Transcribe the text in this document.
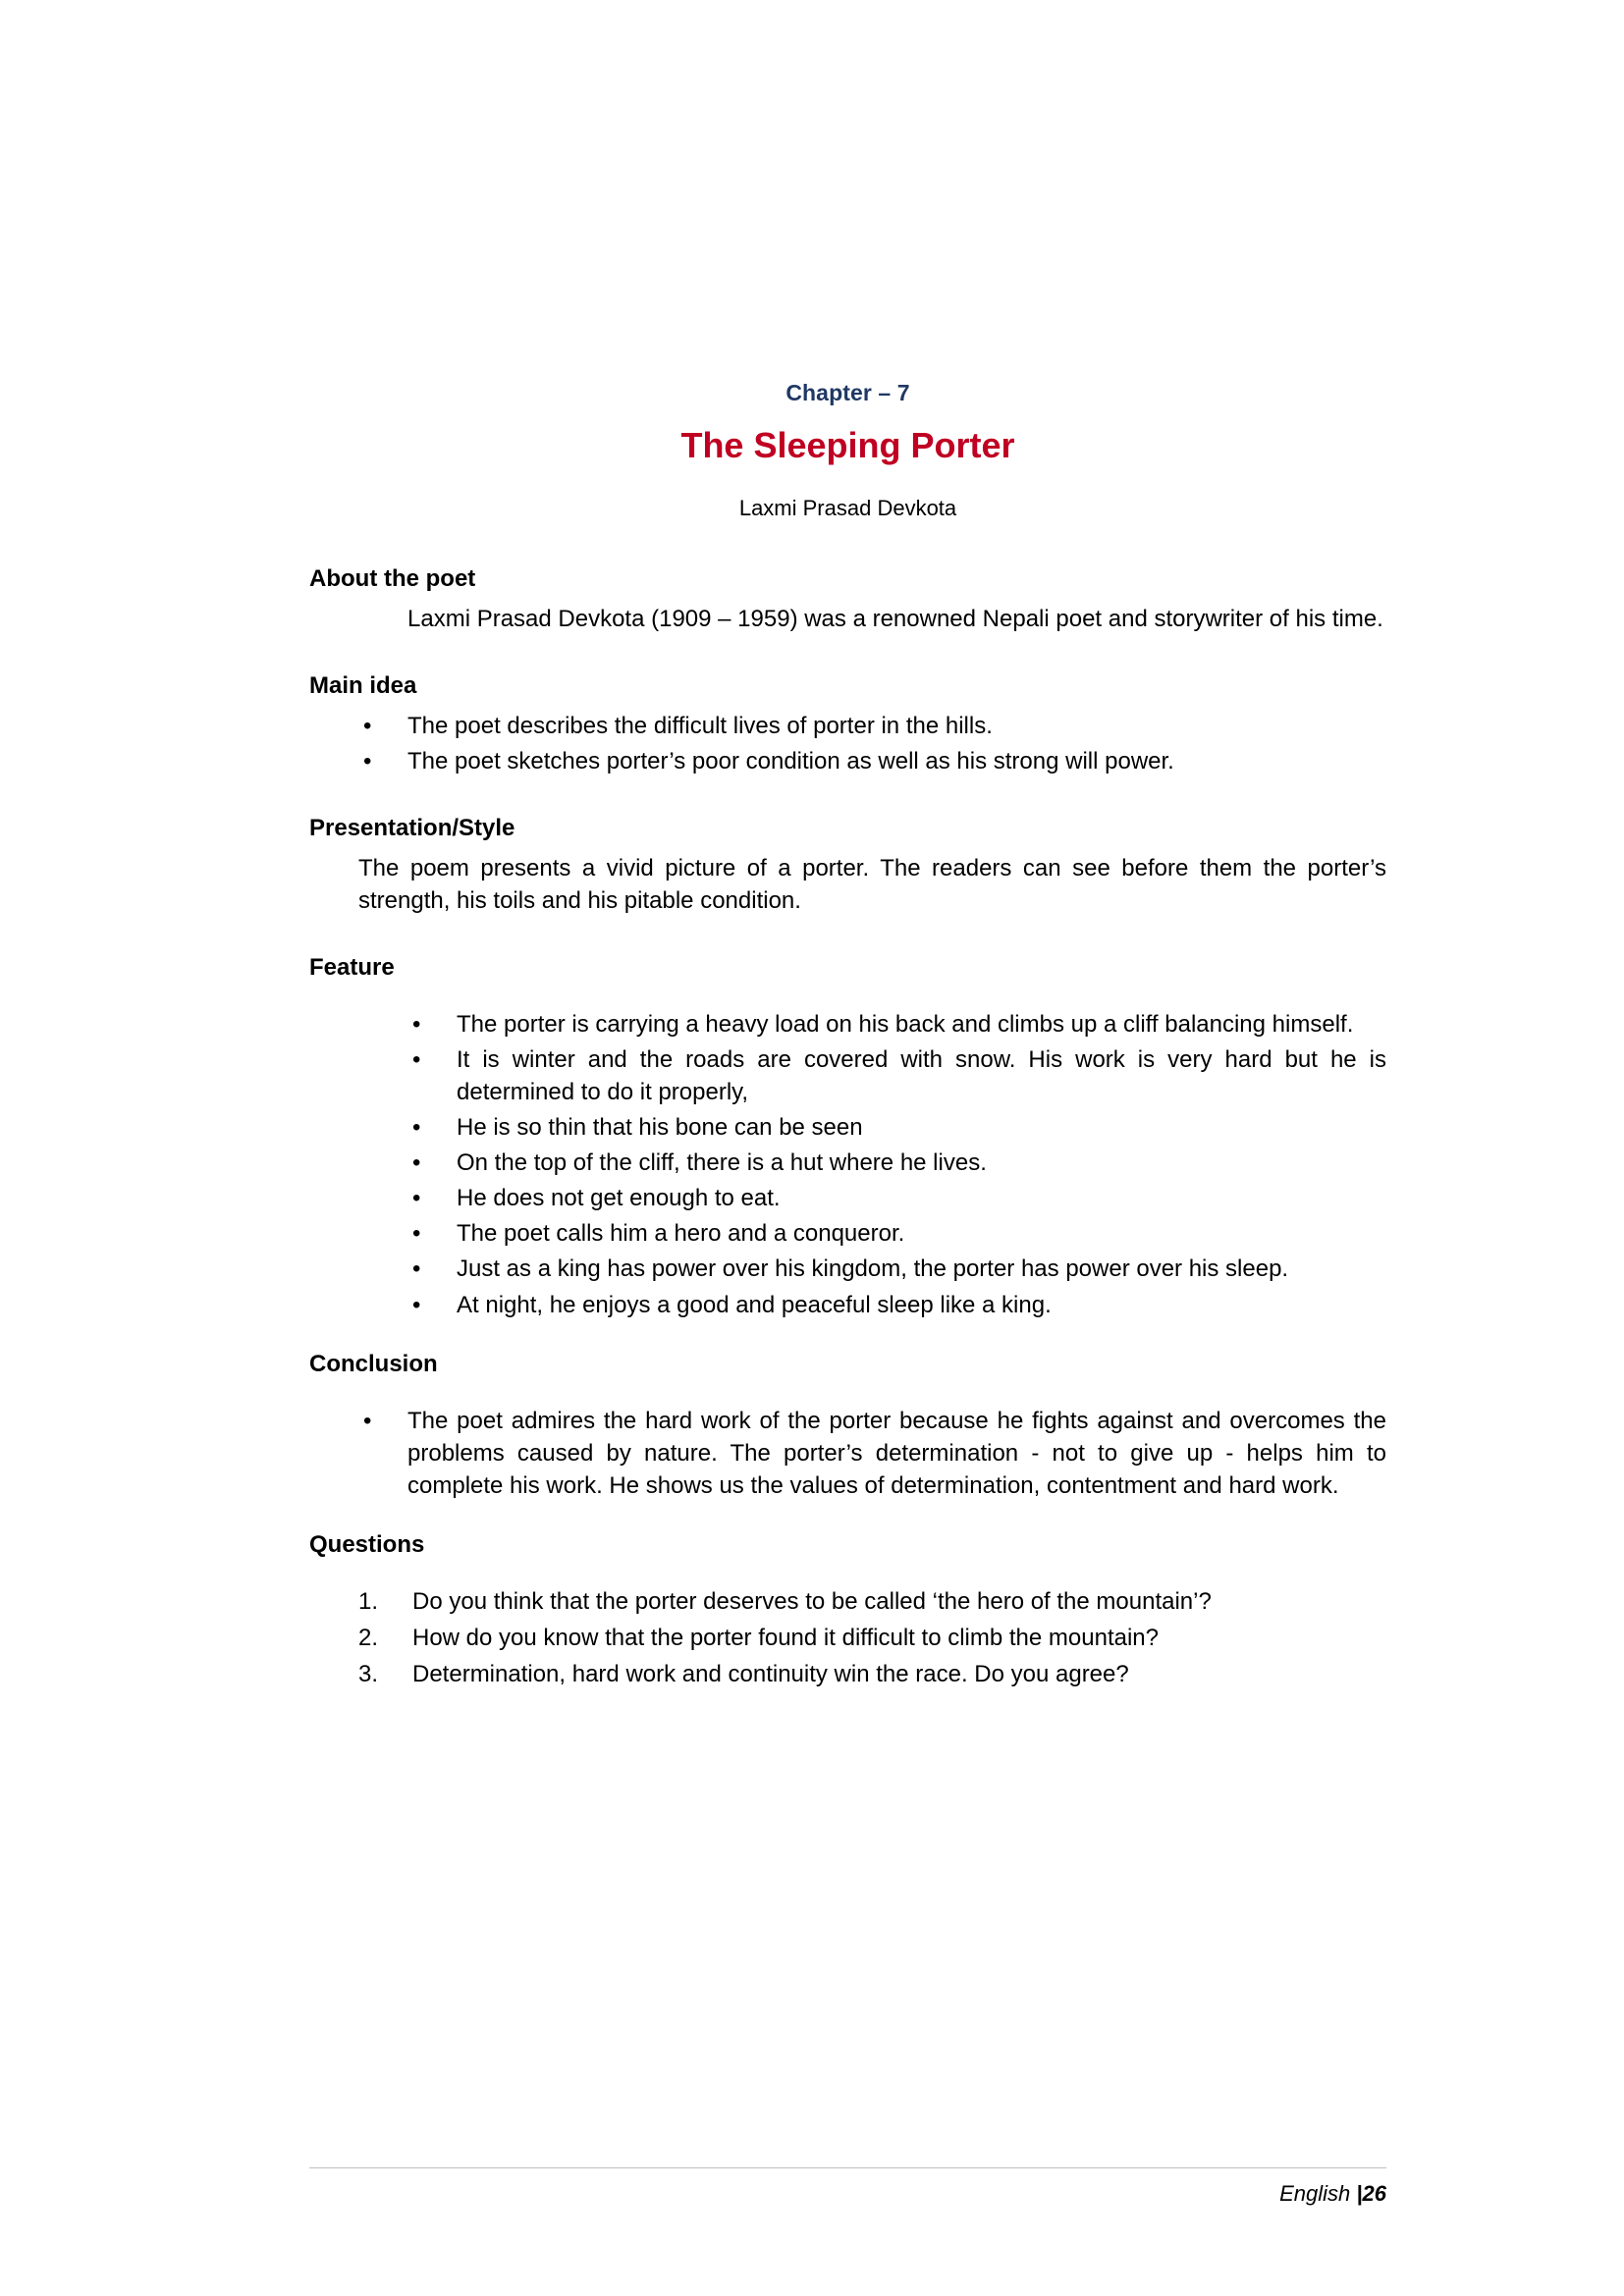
Chapter – 7
The Sleeping Porter
Laxmi Prasad Devkota
About the poet

Laxmi Prasad Devkota (1909 – 1959) was a renowned Nepali poet and storywriter of his time.

Main idea
• The poet describes the difficult lives of porter in the hills.
• The poet sketches porter’s poor condition as well as his strong will power.
Presentation/Style

The poem presents a vivid picture of a porter. The readers can see before them the porter’s strength, his toils and his pitable condition.

Feature
• The porter is carrying a heavy load on his back and climbs up a cliff balancing himself.
• It is winter and the roads are covered with snow. His work is very hard but he is determined to do it properly,
• He is so thin that his bone can be seen
• On the top of the cliff, there is a hut where he lives.
• He does not get enough to eat.
• The poet calls him a hero and a conqueror.
• Just as a king has power over his kingdom, the porter has power over his sleep.
• At night, he enjoys a good and peaceful sleep like a king.
Conclusion
• The poet admires the hard work of the porter because he fights against and overcomes the problems caused by nature. The porter’s determination - not to give up - helps him to complete his work. He shows us the values of determination, contentment and hard work.
Questions
1. Do you think that the porter deserves to be called ‘the hero of the mountain’?
2. How do you know that the porter found it difficult to climb the mountain?
3. Determination, hard work and continuity win the race. Do you agree?
English |26
